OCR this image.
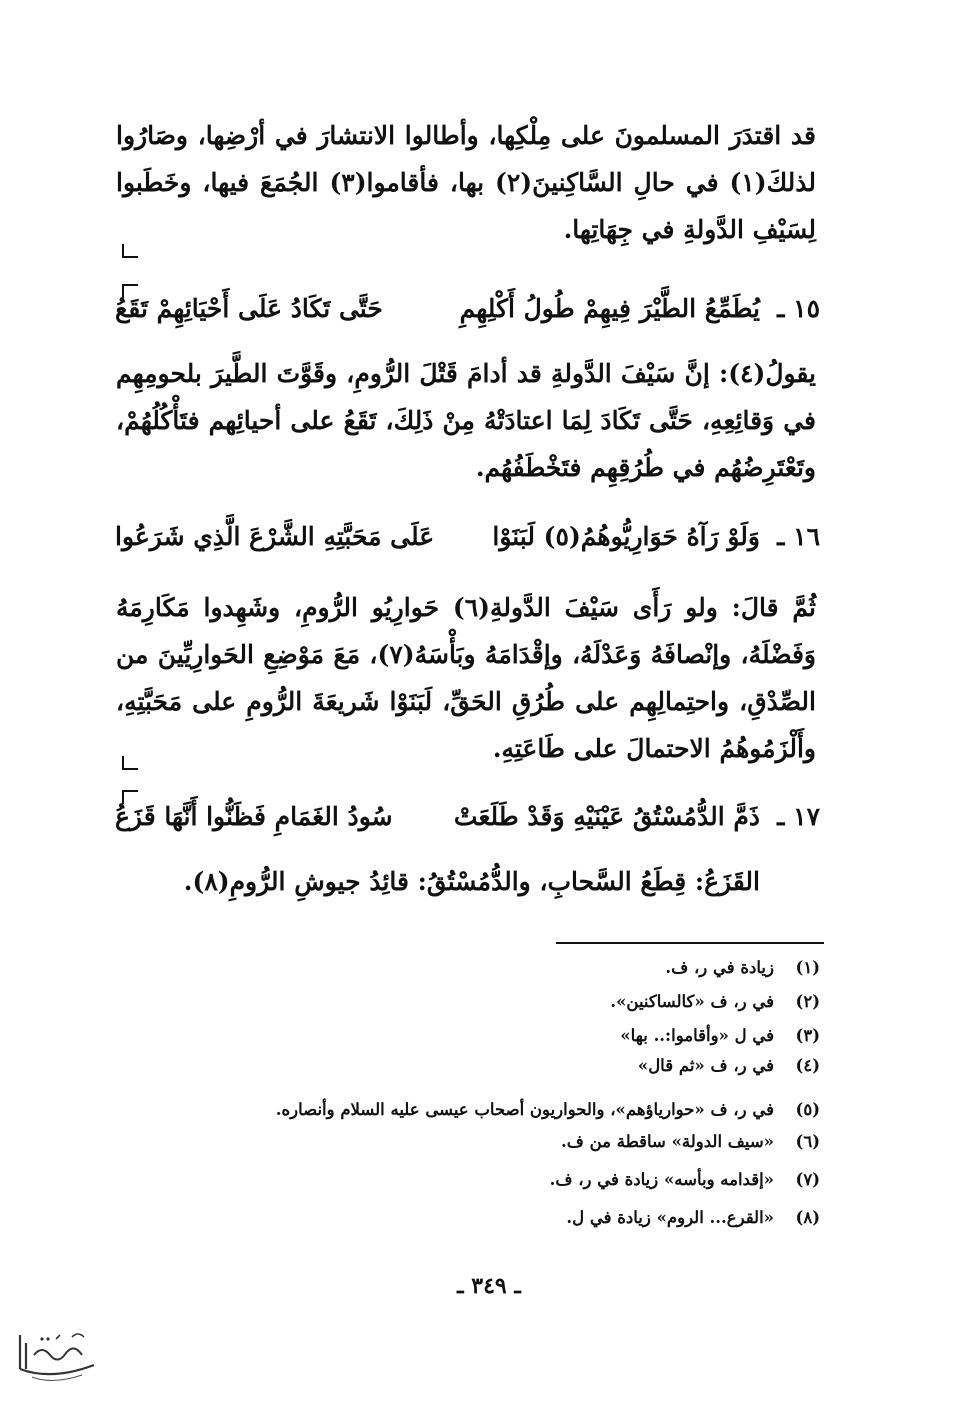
قد اقتدَرَ المسلمونَ على مِلْكِها، وأطالوا الانتشارَ في أرْضِها، وصَارُوا لذلكَ(١) في حالِ السَّاكِنينَ(٢) بها، فأقاموا(٣) الجُمَعَ فيها، وخَطَبوا لِسَيْفِ الدَّولةِ في جِهَاتِها.

١٥ ـ
يُطَمِّعُ الطَّيْرَ فِيهِمْ طُولُ أَكْلِهِمِ
حَتَّى تَكَادُ عَلَى أَحْيَائِهِمْ تَقَعُ

يقولُ(٤): إنَّ سَيْفَ الدَّولةِ قد أدامَ قَتْلَ الرُّومِ، وقَوَّتَ الطَّيرَ بلحومِهِم في وَقائِعِهِ، حَتَّى تَكَادَ لِمَا اعتادَتْهُ مِنْ ذَلِكَ، تَقَعُ على أحيائِهم فتَأْكُلُهُمْ، وتَعْتَرِضُهُم في طُرُقِهِم فتَخْطَفُهُم.

١٦ ـ
وَلَوْ رَآهُ حَوَارِيُّوهُمُ(٥) لَبَنَوْا
عَلَى مَحَبَّتِهِ الشَّرْعَ الَّذِي شَرَعُوا

ثُمَّ قالَ: ولو رَأَى سَيْفَ الدَّولةِ(٦) حَوارِيُو الرُّومِ، وشَهِدوا مَكَارِمَهُ وَفَضْلَهُ، وإنْصافَهُ وَعَدْلَهُ، وإقْدَامَهُ وبَأْسَهُ(٧)، مَعَ مَوْضِعِ الحَوارِيِّينَ من الصِّدْقِ، واحتِمالِهِم على طُرُقِ الحَقِّ، لَبَنَوْا شَريعَةَ الرُّومِ على مَحَبَّتِهِ، وأَلْزَمُوهُمُ الاحتمالَ على طَاعَتِهِ.

١٧ ـ
ذَمَّ الدُّمُسْتُقُ عَيْنَيْهِ وَقَدْ طَلَعَتْ
سُودُ الغَمَامِ فَظَنُّوا أَنَّهَا قَزَعُ

القَزَعُ: قِطَعُ السَّحابِ، والدُّمُسْتُقُ: قائِدُ جيوشِ الرُّومِ(٨).

(١)زيادة في ر، ف.
(٢)في ر، ف «كالساكنين».
(٣)في ل «وأقاموا:.. بها»
(٤)في ر، ف «ثم قال»
(٥)في ر، ف «حوارياؤهم»، والحواريون أصحاب عيسى عليه السلام وأنصاره.
(٦)«سيف الدولة» ساقطة من ف.
(٧)«إقدامه وبأسه» زيادة في ر، ف.
(٨)«القرع... الروم» زيادة في ل.
ـ ٣٤٩ ـ
